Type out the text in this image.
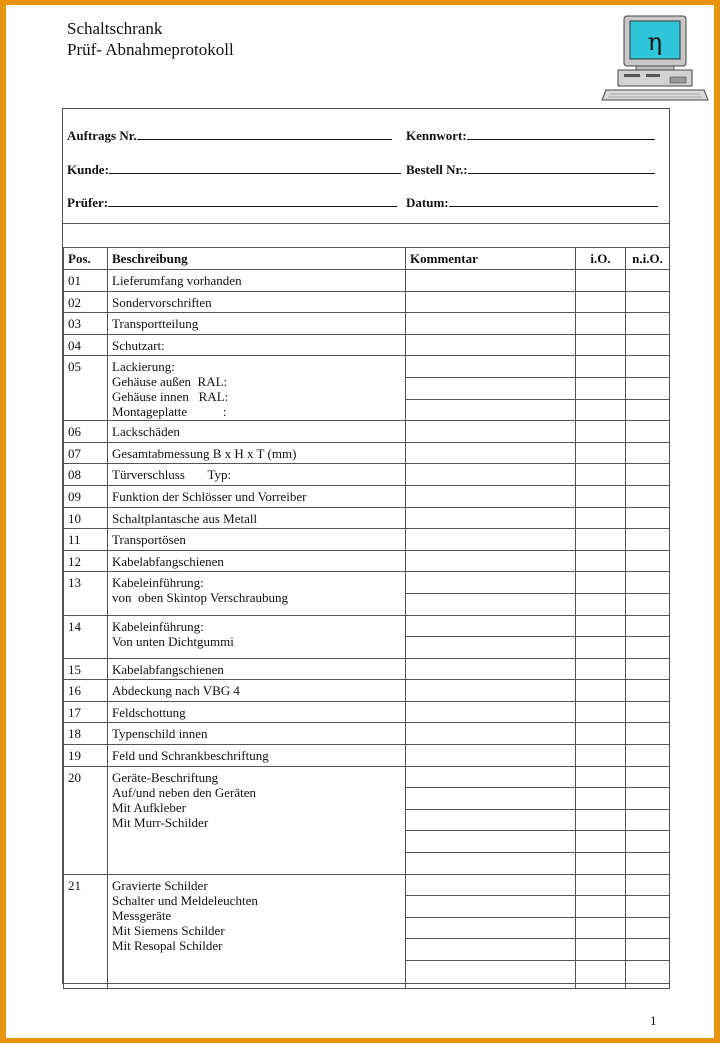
Schaltschrank
Prüf- Abnahmeprotokoll	η
Auftrags Nr.	Kennwort:
Kunde:	Bestell Nr.:
Prüfer:	Datum:
Pos.	Beschreibung	Kommentar	i.O.	n.i.O.
01	Lieferumfang vorhanden			

02	Sondervorschriften			

03	Transportteilung			

04	Schutzart:			

05	Lackierung:
Gehäuse außen  RAL:
Gehäuse innen   RAL:
Montageplatte           :			

06	Lackschäden			

07	Gesamtabmessung B x H x T (mm)			

08	Türverschluss       Typ:			

09	Funktion der Schlösser und Vorreiber			

10	Schaltplantasche aus Metall			

11	Transportösen			

12	Kabelabfangschienen			

13	Kabeleinführung:
von  oben Skintop Verschraubung			

14	Kabeleinführung:
Von unten Dichtgummi			

15	Kabelabfangschienen			

16	Abdeckung nach VBG 4			

17	Feldschottung			

18	Typenschild innen			

19	Feld und Schrankbeschriftung			

20	Geräte-Beschriftung
Auf/und neben den Geräten
Mit Aufkleber
Mit Murr-Schilder			

21	Gravierte Schilder
Schalter und Meldeleuchten
Messgeräte
Mit Siemens Schilder
Mit Resopal Schilder			

1
